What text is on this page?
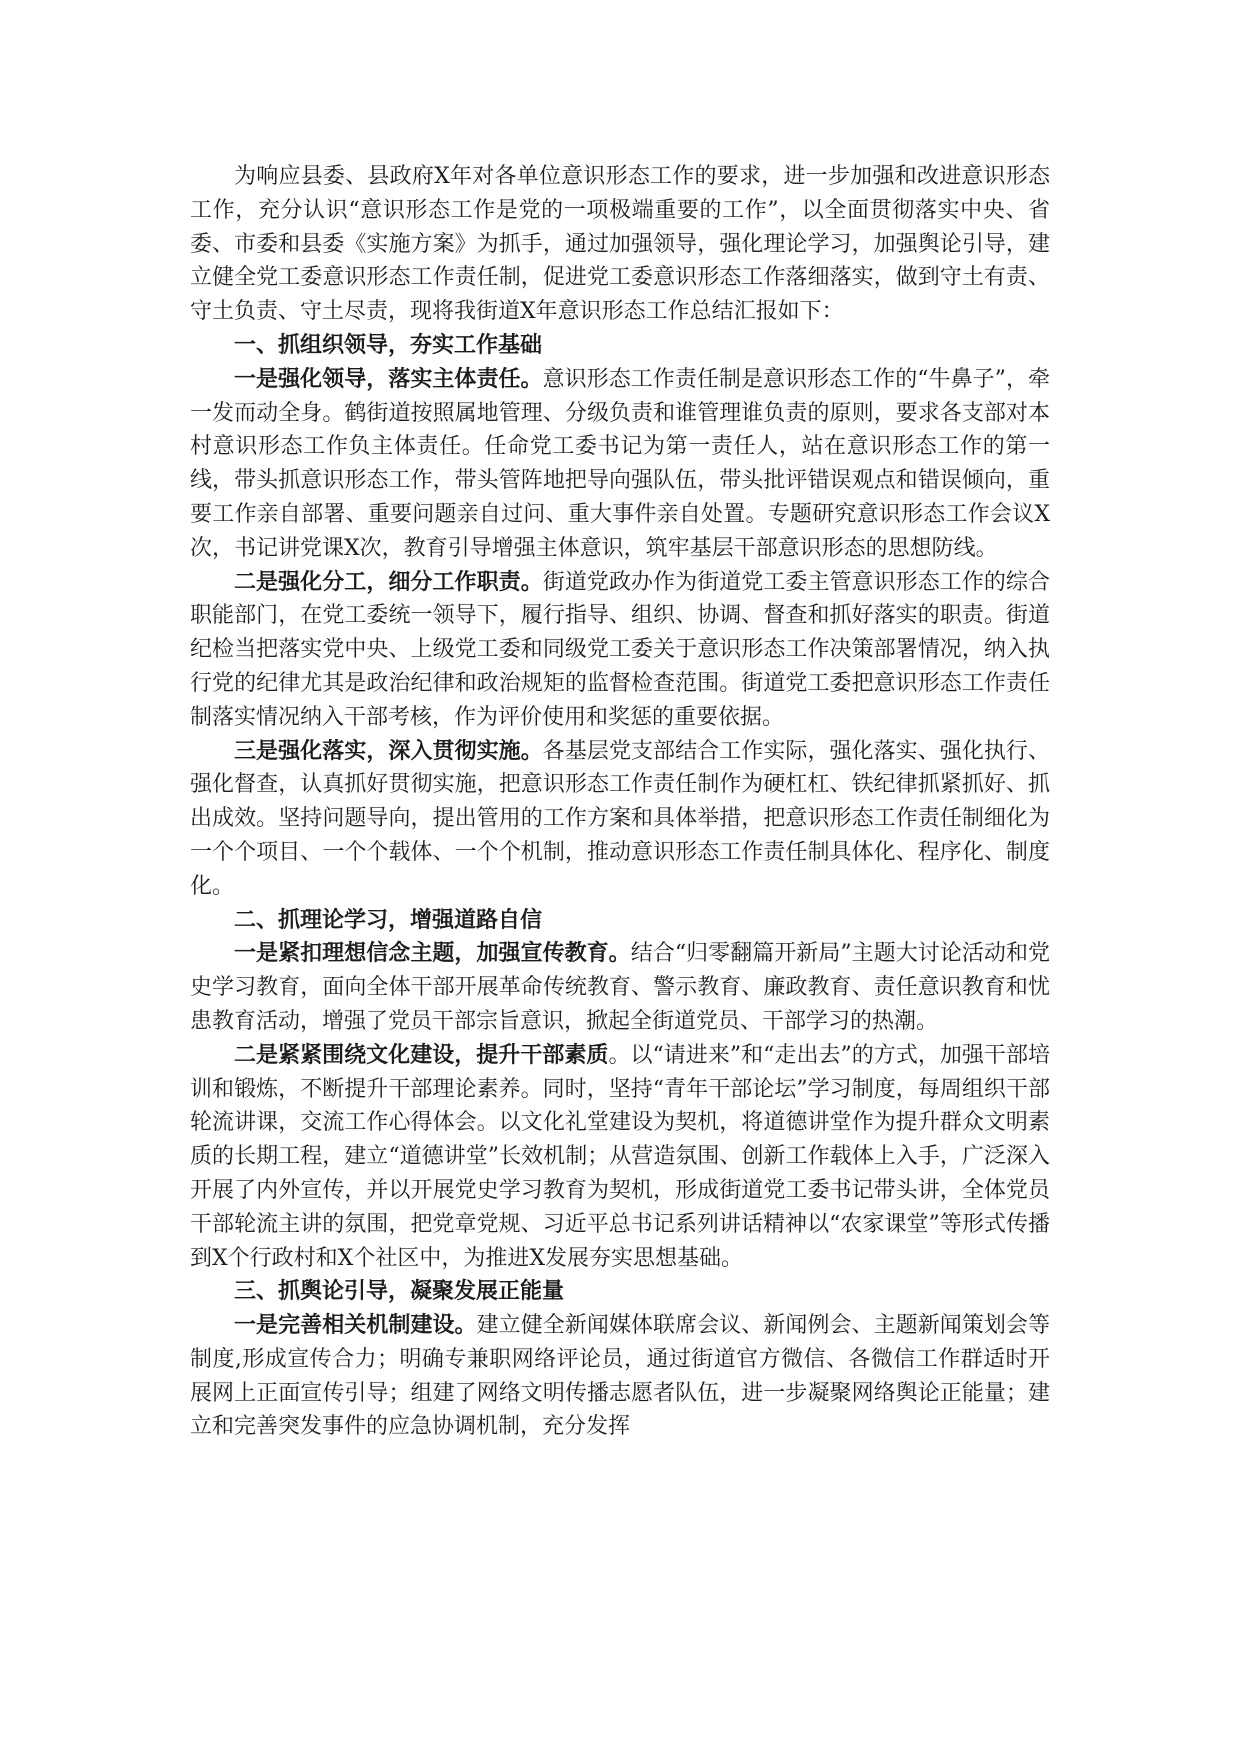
为响应县委、县政府X年对各单位意识形态工作的要求，进一步加强和改进意识形态工作，充分认识“意识形态工作是党的一项极端重要的工作”，以全面贯彻落实中央、省委、市委和县委《实施方案》为抓手，通过加强领导，强化理论学习，加强舆论引导，建立健全党工委意识形态工作责任制，促进党工委意识形态工作落细落实，做到守土有责、守土负责、守土尽责，现将我街道X年意识形态工作总结汇报如下：

一、抓组织领导，夯实工作基础

一是强化领导，落实主体责任。意识形态工作责任制是意识形态工作的“牛鼻子”，牵一发而动全身。鹤街道按照属地管理、分级负责和谁管理谁负责的原则，要求各支部对本村意识形态工作负主体责任。任命党工委书记为第一责任人，站在意识形态工作的第一线，带头抓意识形态工作，带头管阵地把导向强队伍，带头批评错误观点和错误倾向，重要工作亲自部署、重要问题亲自过问、重大事件亲自处置。专题研究意识形态工作会议X次，书记讲党课X次，教育引导增强主体意识，筑牢基层干部意识形态的思想防线。

二是强化分工，细分工作职责。街道党政办作为街道党工委主管意识形态工作的综合职能部门，在党工委统一领导下，履行指导、组织、协调、督查和抓好落实的职责。街道纪检当把落实党中央、上级党工委和同级党工委关于意识形态工作决策部署情况，纳入执行党的纪律尤其是政治纪律和政治规矩的监督检查范围。街道党工委把意识形态工作责任制落实情况纳入干部考核，作为评价使用和奖惩的重要依据。

三是强化落实，深入贯彻实施。各基层党支部结合工作实际，强化落实、强化执行、强化督查，认真抓好贯彻实施，把意识形态工作责任制作为硬杠杠、铁纪律抓紧抓好、抓出成效。坚持问题导向，提出管用的工作方案和具体举措，把意识形态工作责任制细化为一个个项目、一个个载体、一个个机制，推动意识形态工作责任制具体化、程序化、制度化。

二、抓理论学习，增强道路自信

一是紧扣理想信念主题，加强宣传教育。结合“归零翻篇开新局”主题大讨论活动和党史学习教育，面向全体干部开展革命传统教育、警示教育、廉政教育、责任意识教育和忧患教育活动，增强了党员干部宗旨意识，掀起全街道党员、干部学习的热潮。

二是紧紧围绕文化建设，提升干部素质。以“请进来”和“走出去”的方式，加强干部培训和锻炼，不断提升干部理论素养。同时，坚持“青年干部论坛”学习制度，每周组织干部轮流讲课，交流工作心得体会。以文化礼堂建设为契机，将道德讲堂作为提升群众文明素质的长期工程，建立“道德讲堂”长效机制；从营造氛围、创新工作载体上入手，广泛深入开展了内外宣传，并以开展党史学习教育为契机，形成街道党工委书记带头讲，全体党员干部轮流主讲的氛围，把党章党规、习近平总书记系列讲话精神以“农家课堂”等形式传播到X个行政村和X个社区中，为推进X发展夯实思想基础。

三、抓舆论引导，凝聚发展正能量

一是完善相关机制建设。建立健全新闻媒体联席会议、新闻例会、主题新闻策划会等制度,形成宣传合力；明确专兼职网络评论员，通过街道官方微信、各微信工作群适时开展网上正面宣传引导；组建了网络文明传播志愿者队伍，进一步凝聚网络舆论正能量；建立和完善突发事件的应急协调机制，充分发挥
